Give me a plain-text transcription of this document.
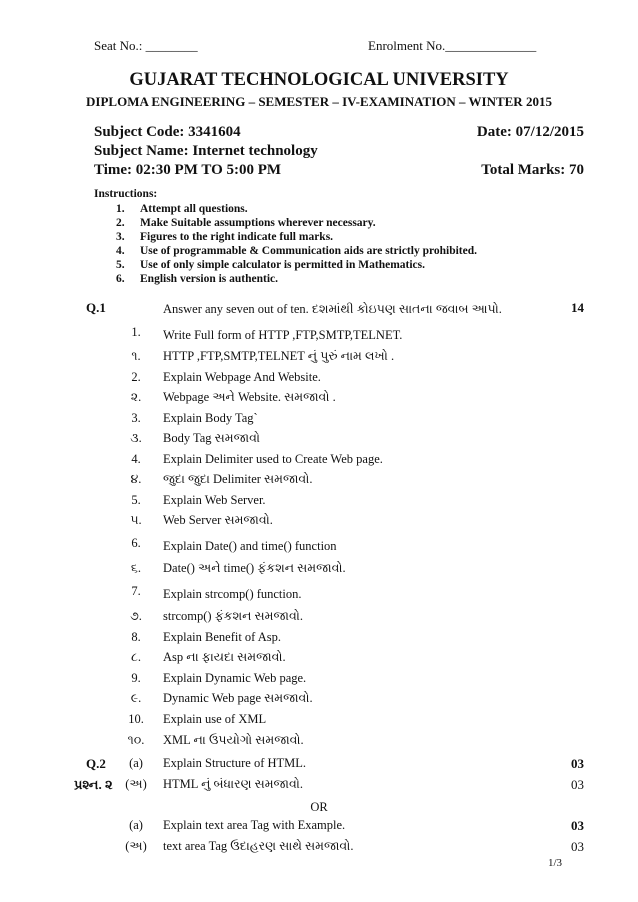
Seat No.: ________	Enrolment No.______________
GUJARAT TECHNOLOGICAL UNIVERSITY
DIPLOMA ENGINEERING – SEMESTER – IV-EXAMINATION – WINTER 2015
Subject Code: 3341604	Date: 07/12/2015
Subject Name: Internet technology
Time: 02:30 PM TO 5:00 PM	Total Marks: 70
Instructions:
1.	Attempt all questions.
2.	Make Suitable assumptions wherever necessary.
3.	Figures to the right indicate full marks.
4.	Use of programmable & Communication aids are strictly prohibited.
5.	Use of only simple calculator is permitted in Mathematics.
6.	English version is authentic.
Q.1	Answer any seven out of ten. દશમાંથી કોઇપણ સાતના જવાબ આપો.	14
1.	Write Full form of HTTP ,FTP,SMTP,TELNET.
૧.	HTTP ,FTP,SMTP,TELNET નું પુરું નામ લખો .
2.	Explain Webpage And Website.
૨.	Webpage અને Website. સમજાવો .
3.	Explain Body Tag`
૩.	Body Tag સમજાવો
4.	Explain Delimiter used to Create Web page.
૪.	જુદા જુદા Delimiter સમજાવો.
5.	Explain Web Server.
૫.	Web Server સમજાવો.
6.	Explain Date() and time() function
૬.	Date() અને time() ફંકશન સમજાવો.
7.	Explain strcomp() function.
૭.	strcomp() ફંકશન સમજાવો.
8.	Explain Benefit of Asp.
૮.	Asp ના ફાયદા સમજાવો.
9.	Explain Dynamic Web page.
૯.	Dynamic Web page સમજાવો.
10.	Explain use of XML
૧૦.	XML ના ઉપયોગો સમજાવો.
Q.2	(a)	Explain Structure of HTML.	03
પ્રશ્ન. ૨	(અ)	HTML નું બંધારણ સમજાવો.	03
OR
(a)	Explain text area Tag with Example.	03
(અ)	text area Tag ઉદાહરણ સાથે સમજાવો.	03
1/3
